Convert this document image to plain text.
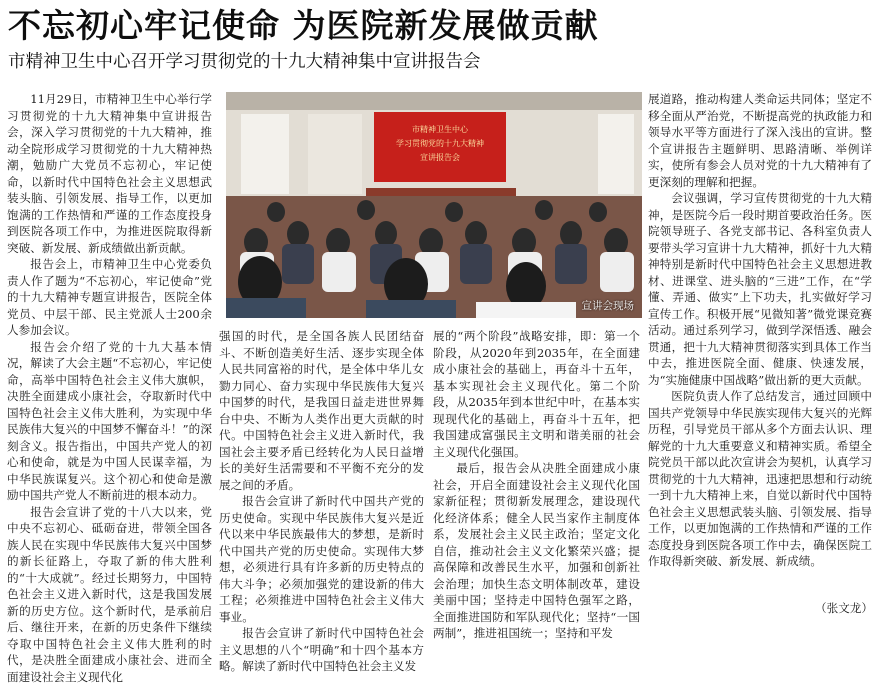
不忘初心牢记使命 为医院新发展做贡献
市精神卫生中心召开学习贯彻党的十九大精神集中宣讲报告会

11月29日，市精神卫生中心举行学习贯彻党的十九大精神集中宣讲报告会，深入学习贯彻党的十九大精神，推动全院形成学习贯彻党的十九大精神热潮，勉励广大党员不忘初心，牢记使命，以新时代中国特色社会主义思想武装头脑、引领发展、指导工作，以更加饱满的工作热情和严谨的工作态度投身到医院各项工作中，为推进医院取得新突破、新发展、新成绩做出新贡献。

报告会上，市精神卫生中心党委负责人作了题为“不忘初心，牢记使命”党的十九大精神专题宣讲报告，医院全体党员、中层干部、民主党派人士200余人参加会议。

报告会介绍了党的十九大基本情况，解读了大会主题“不忘初心，牢记使命，高举中国特色社会主义伟大旗帜，决胜全面建成小康社会，夺取新时代中国特色社会主义伟大胜利，为实现中华民族伟大复兴的中国梦不懈奋斗！”的深刻含义。报告指出，中国共产党人的初心和使命，就是为中国人民谋幸福，为中华民族谋复兴。这个初心和使命是激励中国共产党人不断前进的根本动力。

报告会宣讲了党的十八大以来，党中央不忘初心、砥砺奋进，带领全国各族人民在实现中华民族伟大复兴中国梦的新长征路上，夺取了新的伟大胜利的“十大成就”。经过长期努力，中国特色社会主义进入新时代，这是我国发展新的历史方位。这个新时代，是承前启后、继往开来，在新的历史条件下继续夺取中国特色社会主义伟大胜利的时代，是决胜全面建成小康社会、进而全面建设社会主义现代化

市精神卫生中心
学习贯彻党的十九大精神
宣讲报告会
宣讲会现场

强国的时代，是全国各族人民团结奋斗、不断创造美好生活、逐步实现全体人民共同富裕的时代，是全体中华儿女勠力同心、奋力实现中华民族伟大复兴中国梦的时代，是我国日益走进世界舞台中央、不断为人类作出更大贡献的时代。中国特色社会主义进入新时代，我国社会主要矛盾已经转化为人民日益增长的美好生活需要和不平衡不充分的发展之间的矛盾。

报告会宣讲了新时代中国共产党的历史使命。实现中华民族伟大复兴是近代以来中华民族最伟大的梦想，是新时代中国共产党的历史使命。实现伟大梦想，必须进行具有许多新的历史特点的伟大斗争；必须加强党的建设新的伟大工程；必须推进中国特色社会主义伟大事业。

报告会宣讲了新时代中国特色社会主义思想的八个“明确”和十四个基本方略。解读了新时代中国特色社会主义发

展的“两个阶段”战略安排，即：第一个阶段，从2020年到2035年，在全面建成小康社会的基础上，再奋斗十五年，基本实现社会主义现代化。第二个阶段，从2035年到本世纪中叶，在基本实现现代化的基础上，再奋斗十五年，把我国建成富强民主文明和谐美丽的社会主义现代化强国。

最后，报告会从决胜全面建成小康社会，开启全面建设社会主义现代化国家新征程；贯彻新发展理念，建设现代化经济体系；健全人民当家作主制度体系，发展社会主义民主政治；坚定文化自信，推动社会主义文化繁荣兴盛；提高保障和改善民生水平，加强和创新社会治理；加快生态文明体制改革，建设美丽中国；坚持走中国特色强军之路，全面推进国防和军队现代化；坚持“一国两制”，推进祖国统一；坚持和平发

展道路，推动构建人类命运共同体；坚定不移全面从严治党，不断提高党的执政能力和领导水平等方面进行了深入浅出的宣讲。整个宣讲报告主题鲜明、思路清晰、举例详实，使所有参会人员对党的十九大精神有了更深刻的理解和把握。

会议强调，学习宣传贯彻党的十九大精神，是医院今后一段时期首要政治任务。医院领导班子、各党支部书记、各科室负责人要带头学习宣讲十九大精神，抓好十九大精神特别是新时代中国特色社会主义思想进教材、进课堂、进头脑的“三进”工作，在“学懂、弄通、做实”上下功夫，扎实做好学习宣传工作。积极开展“见微知著”微党课竞赛活动。通过系列学习，做到学深悟透、融会贯通，把十九大精神贯彻落实到具体工作当中去，推进医院全面、健康、快速发展，为“实施健康中国战略”做出新的更大贡献。

医院负责人作了总结发言，通过回顾中国共产党领导中华民族实现伟大复兴的光辉历程，引导党员干部从多个方面去认识、理解党的十九大重要意义和精神实质。希望全院党员干部以此次宣讲会为契机，认真学习贯彻党的十九大精神，迅速把思想和行动统一到十九大精神上来，自觉以新时代中国特色社会主义思想武装头脑、引领发展、指导工作，以更加饱满的工作热情和严谨的工作态度投身到医院各项工作中去，确保医院工作取得新突破、新发展、新成绩。

（张文龙）
